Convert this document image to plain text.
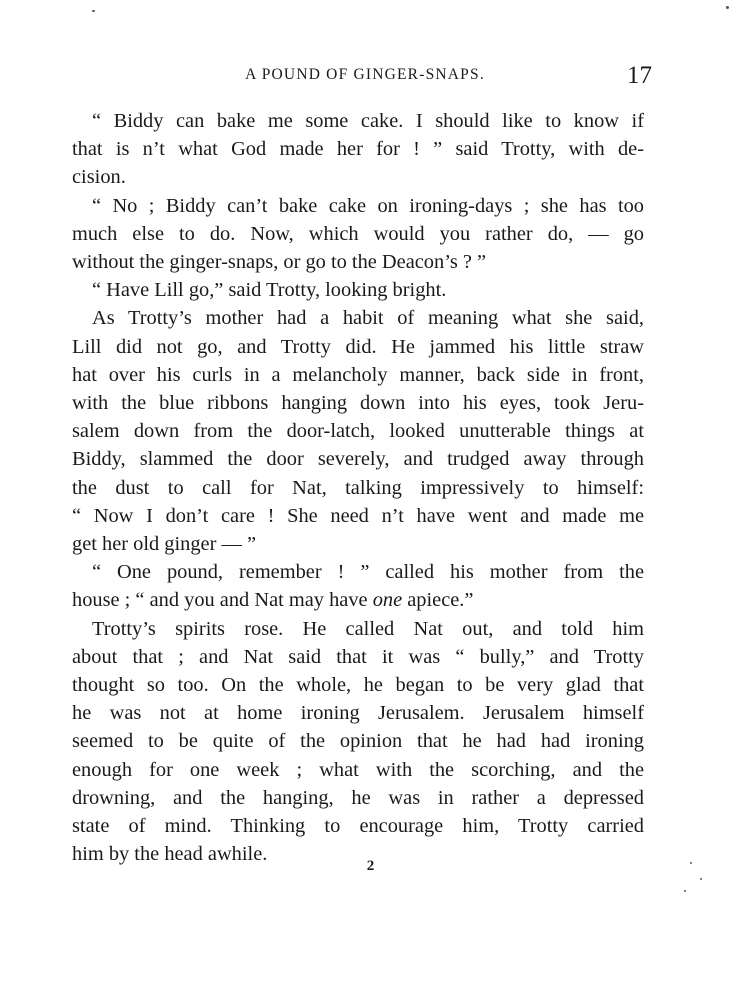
A POUND OF GINGER-SNAPS.	17
“ Biddy can bake me some cake. I should like to know if
that is n’t what God made her for ! ” said Trotty, with de-
cision.
“ No ; Biddy can’t bake cake on ironing-days ; she has too
much else to do. Now, which would you rather do, — go
without the ginger-snaps, or go to the Deacon’s ? ”
“ Have Lill go,” said Trotty, looking bright.
As Trotty’s mother had a habit of meaning what she said,
Lill did not go, and Trotty did. He jammed his little straw
hat over his curls in a melancholy manner, back side in front,
with the blue ribbons hanging down into his eyes, took Jeru-
salem down from the door-latch, looked unutterable things at
Biddy, slammed the door severely, and trudged away through
the dust to call for Nat, talking impressively to himself:
“ Now I don’t care ! She need n’t have went and made me
get her old ginger — ”
“ One pound, remember ! ” called his mother from the
house ; “ and you and Nat may have one apiece.”
Trotty’s spirits rose. He called Nat out, and told him
about that ; and Nat said that it was “ bully,” and Trotty
thought so too. On the whole, he began to be very glad that
he was not at home ironing Jerusalem. Jerusalem himself
seemed to be quite of the opinion that he had had ironing
enough for one week ; what with the scorching, and the
drowning, and the hanging, he was in rather a depressed
state of mind. Thinking to encourage him, Trotty carried
him by the head awhile.
2
